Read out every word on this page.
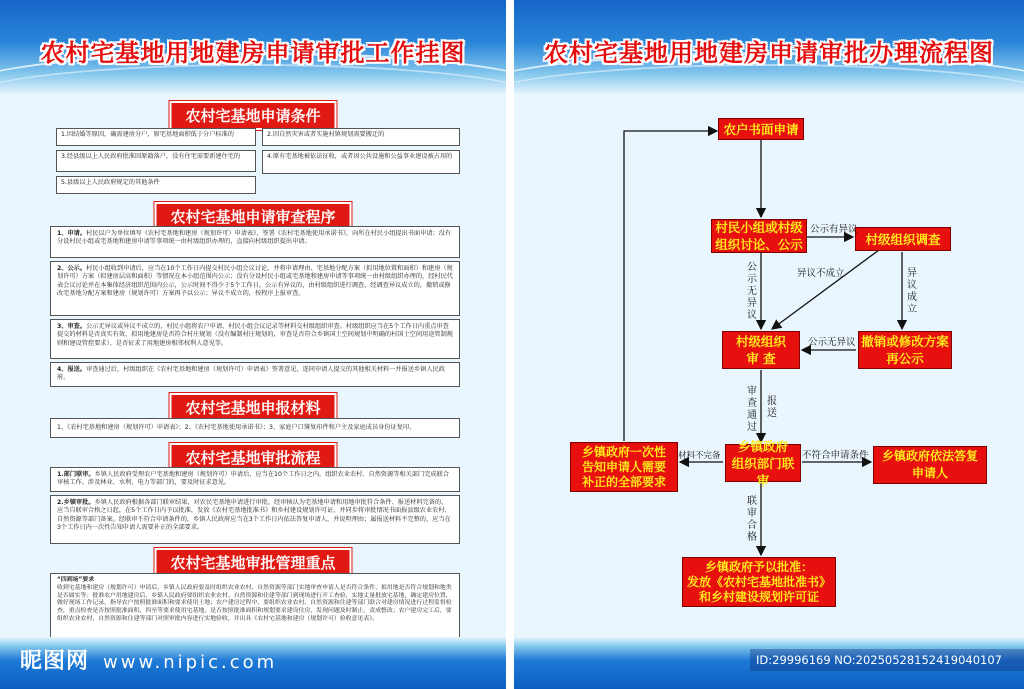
农村宅基地用地建房申请审批工作挂图
农村宅基地申请条件
1.因结婚等原因，确需建房分户，原宅基地面积低于分户标准的	2.因自然灾害或者实施村镇规划需要搬迁的
3.经县级以上人民政府批准回原籍落户，没有住宅需要新建住宅的	4.原有宅基地被依法征收，或者因公共设施和公益事业建设被占用的
5.县级以上人民政府规定的其他条件
农村宅基地申请审查程序
1、申请。村民以户为单位填写《农村宅基地和建房（规划许可）申请表》，签署《农村宅基地使用承诺书》，向所在村民小组提出书面申请；没有分设村民小组或宅基地和建房申请等事项统一由村级组织办理的，直接向村级组织提出申请。
2、公示。村民小组收到申请后，应当在10个工作日内提交村民小组会议讨论，并将申请理由、宅基地分配方案（拟用地位置和面积）和建房（规划许可）方案（拟建房层高和面积）等情况在本小组范围内公示；没有分设村民小组或宅基地和建房申请等事项统一由村级组织办理的，经村民代表会议讨论并在本集体经济组织范围内公示，公示时间不得少于5个工作日。公示有异议的，由村级组织进行调查，经调查异议成立的，撤销或修改宅基地分配方案和建房（规划许可）方案再予以公示；异议不成立的，按程序上报审查。
3、审查。公示无异议或异议不成立的，村民小组将农户申请、村民小组会议记录等材料交村级组织审查。村级组织应当在5个工作日内重点审查提交的材料是否真实有效、拟用地建房是否符合村庄规划（没有编制村庄规划的，审查是否符合乡镇国土空间规划中明确的村国土空间用途管制规则和建设管控要求）、是否征求了用地建房相邻权利人意见等。
4、报送。审查通过后，村级组织在《农村宅基地和建房（规划许可）申请表》签署意见，连同申请人提交的其他相关材料一并报送乡镇人民政府。
农村宅基地申报材料
1、《农村宅基地和建房（规划许可）申请表》；2、《农村宅基地使用承诺书》；3、家庭户口簿复印件和户主及家庭成员身份证复印。
农村宅基地审批流程
1.部门联审。乡镇人民政府受理农户宅基地和建房（规划许可）申请后，应当在10个工作日之内，组织农业农村、自然资源等相关部门完成联合审核工作。涉及林业、水利、电力等部门的，要及时征求意见。
2.乡镇审批。乡镇人民政府根据各部门联审结果，对农民宅基地申请进行审批，经审核认为宅基地申请和用地审批符合条件、报送材料完备的，应当自联审合格之日起，在5个工作日内予以批准，发放《农村宅基地批准书》和乡村建设规划许可证，并同步将审批情况书面报县级农业农村、自然资源等部门备案。经联审不符合申请条件的，乡镇人民政府应当在3个工作日内依法答复申请人，并说明理由；属报送材料不完整的，应当在3个工作日内一次性告知申请人需要补正的全部要求。
农村宅基地审批管理重点
“四到场”要求
收到宅基地和建房（规划许可）申请后，乡镇人民政府要及时组织农业农村、自然资源等部门实地审查申请人是否符合条件、拟用地是否符合规划和地类是否属实等；批准农户用地建房后，乡镇人民政府要组织农业农村、自然资源和住建等部门到现场进行开工查验，实地丈量批放宅基地，确定建房位置，做好现场工作记录，指导农户按照批准面积和要求使用土地；农户建房过程中，要组织农业农村、自然资源和住建等部门联合对建房情况进行过程监督检查，重点检查是否按照批准面积、四至等要求使用宅基地，是否按照批准面积和规划要求建设住房，发现问题及时制止，责成整改；农户建房完工后，要组织农业农村、自然资源和住建等部门对照审批内容进行实地验收，并出具《农村宅基地和建房（规划许可）验收意见表》。
农村宅基地用地建房申请审批办理流程图
农户书面申请
村民小组或村级
组织讨论、公示	村级组织调查
村级组织
审 查
撤销或修改方案
再公示
乡镇政府
组织部门联审
乡镇政府一次性
告知申请人需要
补正的全部要求
乡镇政府依法答复
申请人
乡镇政府予以批准：
发放《农村宅基地批准书》
和乡村建设规划许可证
公示有异议
异议不成立
公示无异议
异议成立
公示无异议
审查通过
报送
材料不完备	不符合申请条件
联审合格
昵图网 www.nipic.com	ID:29996169 NO:20250528152419040107
